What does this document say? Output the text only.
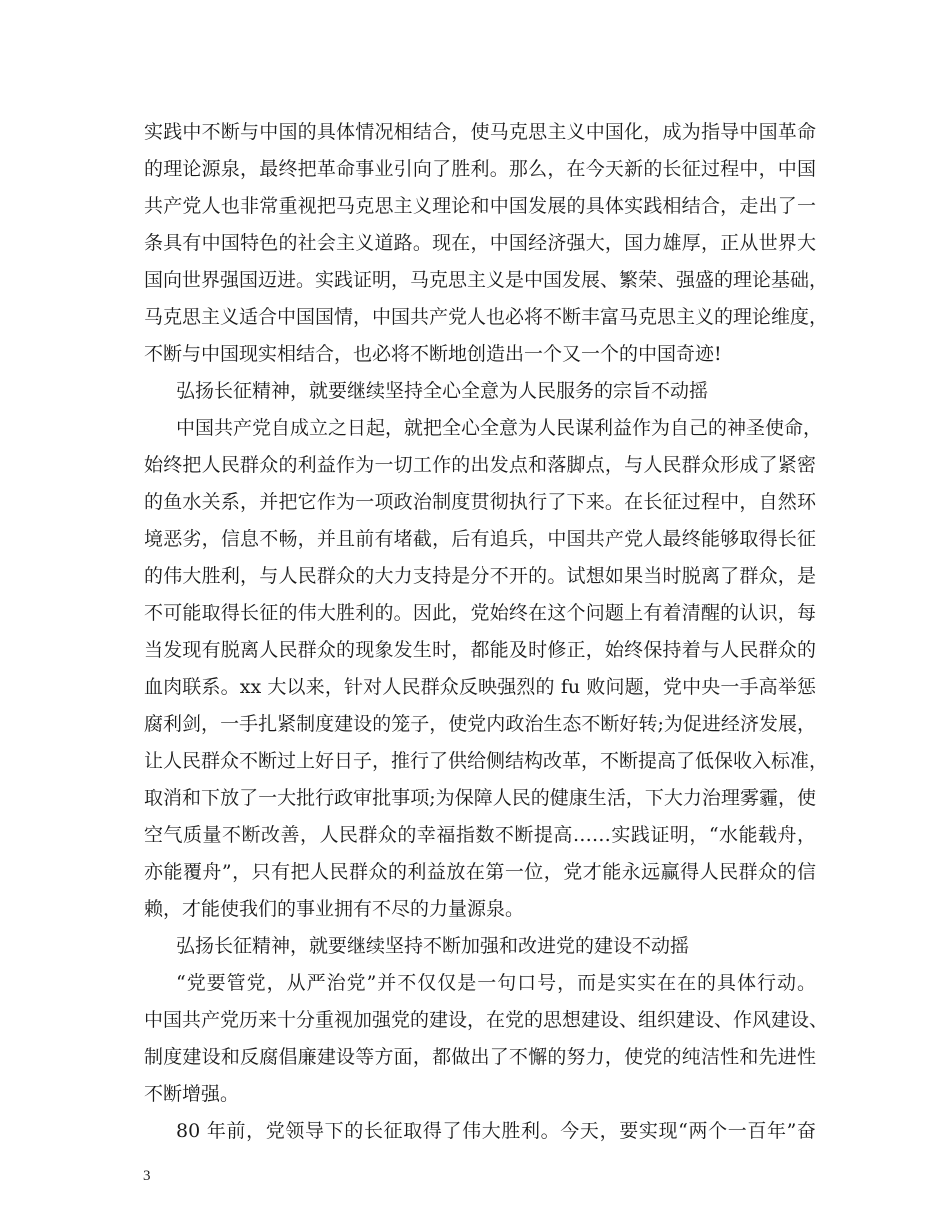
实践中不断与中国的具体情况相结合，使马克思主义中国化，成为指导中国革命
的理论源泉，最终把革命事业引向了胜利。那么，在今天新的长征过程中，中国
共产党人也非常重视把马克思主义理论和中国发展的具体实践相结合，走出了一
条具有中国特色的社会主义道路。现在，中国经济强大，国力雄厚，正从世界大
国向世界强国迈进。实践证明，马克思主义是中国发展、繁荣、强盛的理论基础，
马克思主义适合中国国情，中国共产党人也必将不断丰富马克思主义的理论维度，
不断与中国现实相结合，也必将不断地创造出一个又一个的中国奇迹!
弘扬长征精神，就要继续坚持全心全意为人民服务的宗旨不动摇
中国共产党自成立之日起，就把全心全意为人民谋利益作为自己的神圣使命，
始终把人民群众的利益作为一切工作的出发点和落脚点，与人民群众形成了紧密
的鱼水关系，并把它作为一项政治制度贯彻执行了下来。在长征过程中，自然环
境恶劣，信息不畅，并且前有堵截，后有追兵，中国共产党人最终能够取得长征
的伟大胜利，与人民群众的大力支持是分不开的。试想如果当时脱离了群众，是
不可能取得长征的伟大胜利的。因此，党始终在这个问题上有着清醒的认识，每
当发现有脱离人民群众的现象发生时，都能及时修正，始终保持着与人民群众的
血肉联系。xx 大以来，针对人民群众反映强烈的 fu 败问题，党中央一手高举惩
腐利剑，一手扎紧制度建设的笼子，使党内政治生态不断好转;为促进经济发展，
让人民群众不断过上好日子，推行了供给侧结构改革，不断提高了低保收入标准，
取消和下放了一大批行政审批事项;为保障人民的健康生活，下大力治理雾霾，使
空气质量不断改善，人民群众的幸福指数不断提高……实践证明，“水能载舟，
亦能覆舟”，只有把人民群众的利益放在第一位，党才能永远赢得人民群众的信
赖，才能使我们的事业拥有不尽的力量源泉。
弘扬长征精神，就要继续坚持不断加强和改进党的建设不动摇
“党要管党，从严治党”并不仅仅是一句口号，而是实实在在的具体行动。
中国共产党历来十分重视加强党的建设，在党的思想建设、组织建设、作风建设、
制度建设和反腐倡廉建设等方面，都做出了不懈的努力，使党的纯洁性和先进性
不断增强。
80 年前，党领导下的长征取得了伟大胜利。今天，要实现“两个一百年”奋
3
